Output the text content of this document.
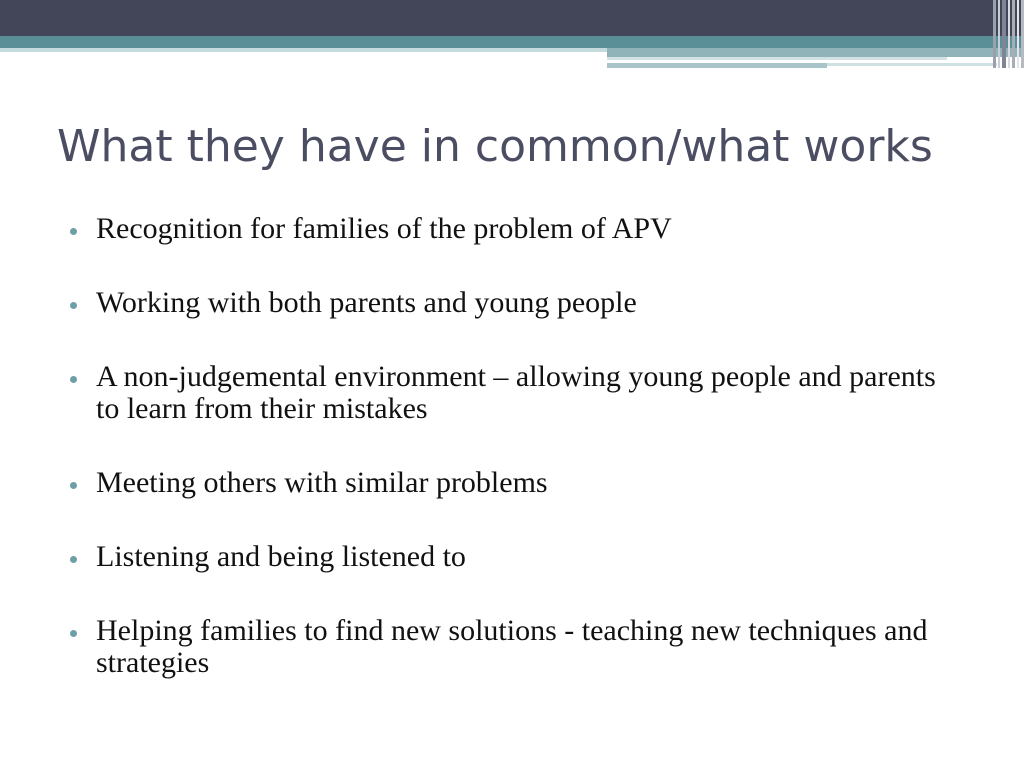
What they have in common/what works
Recognition for families of the problem of APV
Working with both parents and young people
A non-judgemental environment – allowing young people and parents to learn from their mistakes
Meeting others with similar problems
Listening and being listened to
Helping families to find new solutions - teaching new techniques and strategies
